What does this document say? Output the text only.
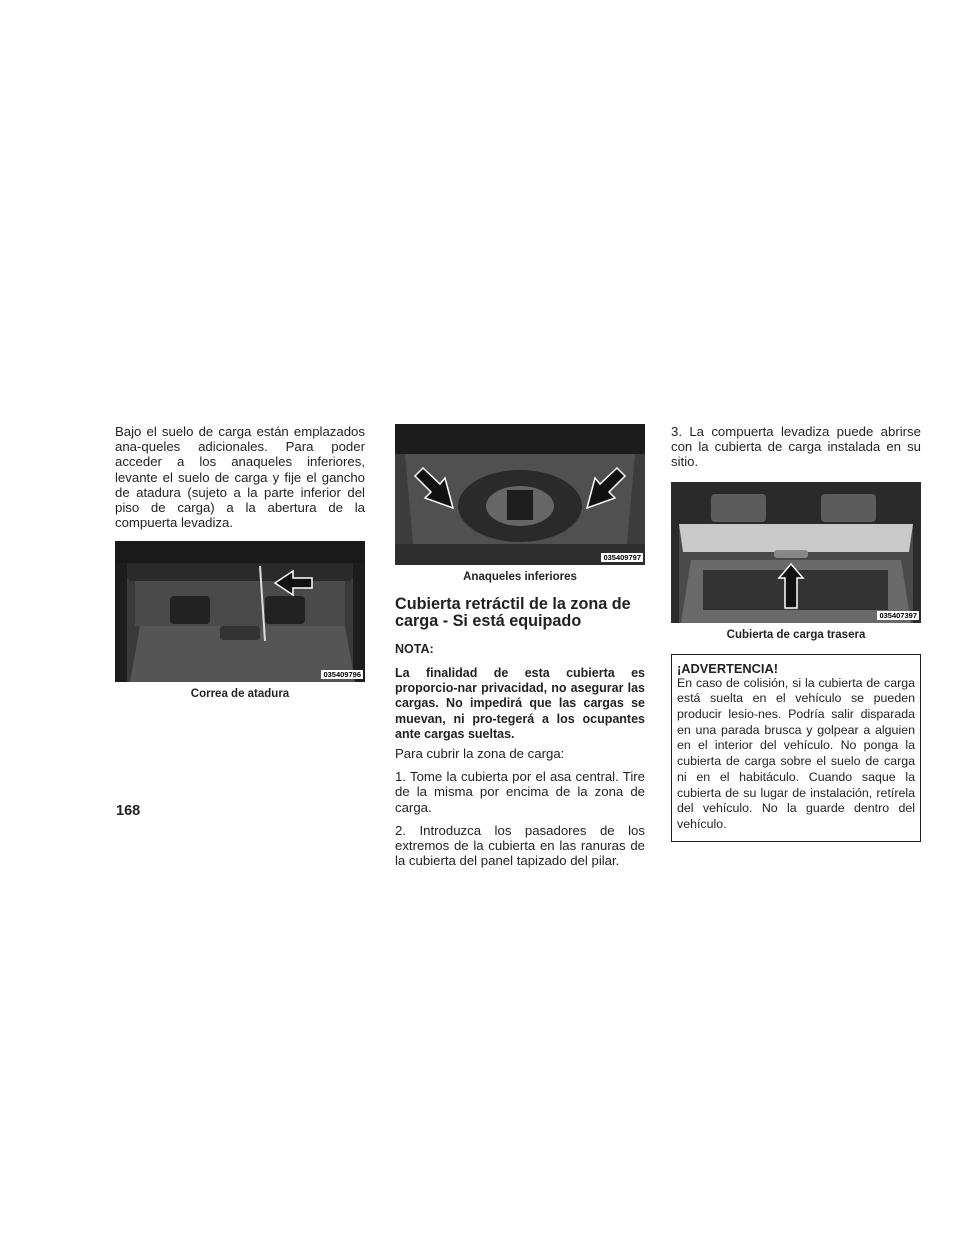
Bajo el suelo de carga están emplazados ana-queles adicionales. Para poder acceder a los anaqueles inferiores, levante el suelo de carga y fije el gancho de atadura (sujeto a la parte inferior del piso de carga) a la abertura de la compuerta levadiza.

035409796
Correa de atadura
035409797
Anaqueles inferiores
Cubierta retráctil de la zona de carga - Si está equipado
NOTA:

La finalidad de esta cubierta es proporcio-nar privacidad, no asegurar las cargas. No impedirá que las cargas se muevan, ni pro-tegerá a los ocupantes ante cargas sueltas.

Para cubrir la zona de carga:

1. Tome la cubierta por el asa central. Tire de la misma por encima de la zona de carga.

2. Introduzca los pasadores de los extremos de la cubierta en las ranuras de la cubierta del panel tapizado del pilar.

3. La compuerta levadiza puede abrirse con la cubierta de carga instalada en su sitio.

035407397
Cubierta de carga trasera
¡ADVERTENCIA!

En caso de colisión, si la cubierta de carga está suelta en el vehículo se pueden producir lesio-nes. Podría salir disparada en una parada brusca y golpear a alguien en el interior del vehículo. No ponga la cubierta de carga sobre el suelo de carga ni en el habitáculo. Cuando saque la cubierta de su lugar de instalación, retírela del vehículo. No la guarde dentro del vehículo.

168
